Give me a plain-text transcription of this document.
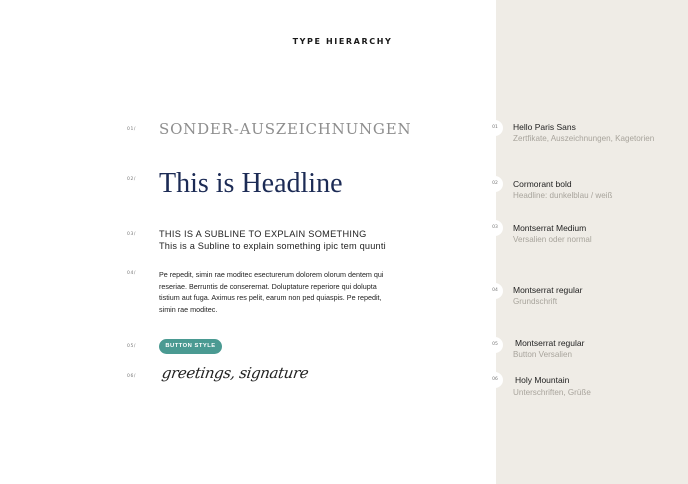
TYPE HIERARCHY
01/ SONDER-AUSZEICHNUNGEN
02/ This is Headline
03/ THIS IS A SUBLINE TO EXPLAIN SOMETHING
This is a Subline to explain something ipic tem quunti
04/	Pe repedit, simin rae moditec esecturerum dolorem olorum dentem qui reseriae. Berruntis de conserernat. Doluptature reperiore qui dolupta tistium aut fuga. Aximus res pelit, earum non ped quiaspis. Pe repedit, simin rae moditec.
05/	BUTTON STYLE
06/ greetings, signature
01	Hello Paris Sans
Zertfikate, Auszeichnungen, Kagetorien
02	Cormorant bold
Headline: dunkelblau / weiß
03	Montserrat Medium
Versalien oder normal
04	Montserrat regular
Grundschrift
05	Montserrat regular
Button Versalien
06	Holy Mountain
Unterschriften, Grüße
